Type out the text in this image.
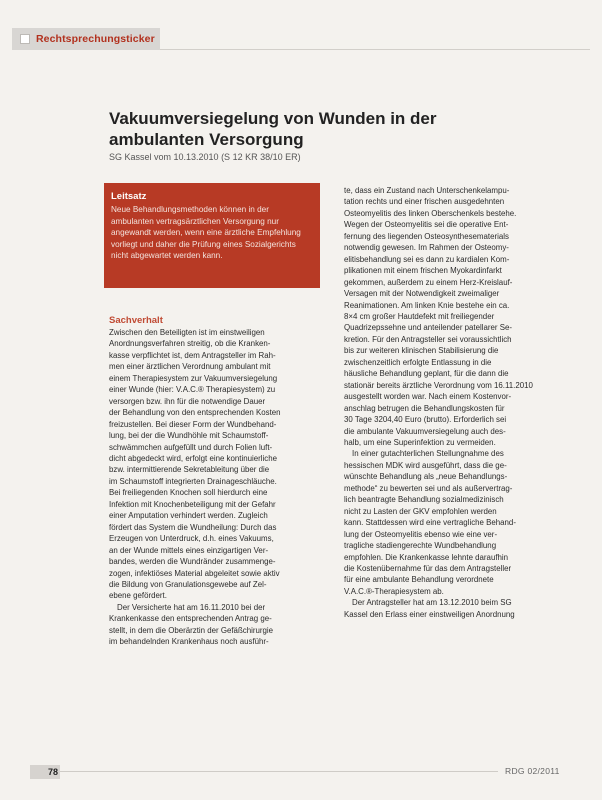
Rechtsprechungsticker
Vakuumversiegelung von Wunden in der ambulanten Versorgung
SG Kassel vom 10.13.2010 (S 12 KR 38/10 ER)
Leitsatz
Neue Behandlungsmethoden können in der ambulanten vertragsärztlichen Versorgung nur angewandt werden, wenn eine ärztliche Empfehlung vorliegt und daher die Prüfung eines Sozialgerichts nicht abgewartet werden kann.
Sachverhalt
Zwischen den Beteiligten ist im einstweiligen
Anordnungsverfahren streitig, ob die Kranken-
kasse verpflichtet ist, dem Antragsteller im Rah-
men einer ärztlichen Verordnung ambulant mit
einem Therapiesystem zur Vakuumversiegelung
einer Wunde (hier: V.A.C.® Therapiesystem) zu
versorgen bzw. ihn für die notwendige Dauer
der Behandlung von den entsprechenden Kosten
freizustellen. Bei dieser Form der Wundbehand-
lung, bei der die Wundhöhle mit Schaumstoff-
schwämmchen aufgefüllt und durch Folien luft-
dicht abgedeckt wird, erfolgt eine kontinuierliche
bzw. intermittierende Sekretableitung über die
im Schaumstoff integrierten Drainageschläuche.
Bei freiliegenden Knochen soll hierdurch eine
Infektion mit Knochenbeteiligung mit der Gefahr
einer Amputation verhindert werden. Zugleich
fördert das System die Wundheilung: Durch das
Erzeugen von Unterdruck, d.h. eines Vakuums,
an der Wunde mittels eines einzigartigen Ver-
bandes, werden die Wundränder zusammenge-
zogen, infektiöses Material abgeleitet sowie aktiv
die Bildung von Granulationsgewebe auf Zel-
ebene gefördert.
Der Versicherte hat am 16.11.2010 bei der
Krankenkasse den entsprechenden Antrag ge-
stellt, in dem die Oberärztin der Gefäßchirurgie
im behandelnden Krankenhaus noch ausführ-
te, dass ein Zustand nach Unterschenkelampu-
tation rechts und einer frischen ausgedehnten
Osteomyelitis des linken Oberschenkels bestehe.
Wegen der Osteomyelitis sei die operative Ent-
fernung des liegenden Osteosynthesematerials
notwendig gewesen. Im Rahmen der Osteomy-
elitisbehandlung sei es dann zu kardialen Kom-
plikationen mit einem frischen Myokardinfarkt
gekommen, außerdem zu einem Herz-Kreislauf-
Versagen mit der Notwendigkeit zweimaliger
Reanimationen. Am linken Knie bestehe ein ca.
8×4 cm großer Hautdefekt mit freiliegender
Quadrizepssehne und anteilender patellarer Se-
kretion. Für den Antragsteller sei voraussichtlich
bis zur weiteren klinischen Stabilisierung die
zwischenzeitlich erfolgte Entlassung in die
häusliche Behandlung geplant, für die dann die
stationär bereits ärztliche Verordnung vom 16.11.2010
ausgestellt worden war. Nach einem Kostenvor-
anschlag betrugen die Behandlungskosten für
30 Tage 3204,40 Euro (brutto). Erforderlich sei
die ambulante Vakuumversiegelung auch des-
halb, um eine Superinfektion zu vermeiden.
In einer gutachterlichen Stellungnahme des
hessischen MDK wird ausgeführt, dass die ge-
wünschte Behandlung als „neue Behandlungs-
methode“ zu bewerten sei und als außervertrag-
lich beantragte Behandlung sozialmedizinisch
nicht zu Lasten der GKV empfohlen werden
kann. Stattdessen wird eine vertragliche Behand-
lung der Osteomyelitis ebenso wie eine ver-
tragliche stadiengerechte Wundbehandlung
empfohlen. Die Krankenkasse lehnte daraufhin
die Kostenübernahme für das dem Antragsteller
für eine ambulante Behandlung verordnete
V.A.C.®-Therapiesystem ab.
Der Antragsteller hat am 13.12.2010 beim SG
Kassel den Erlass einer einstweiligen Anordnung
78	RDG 02/2011
